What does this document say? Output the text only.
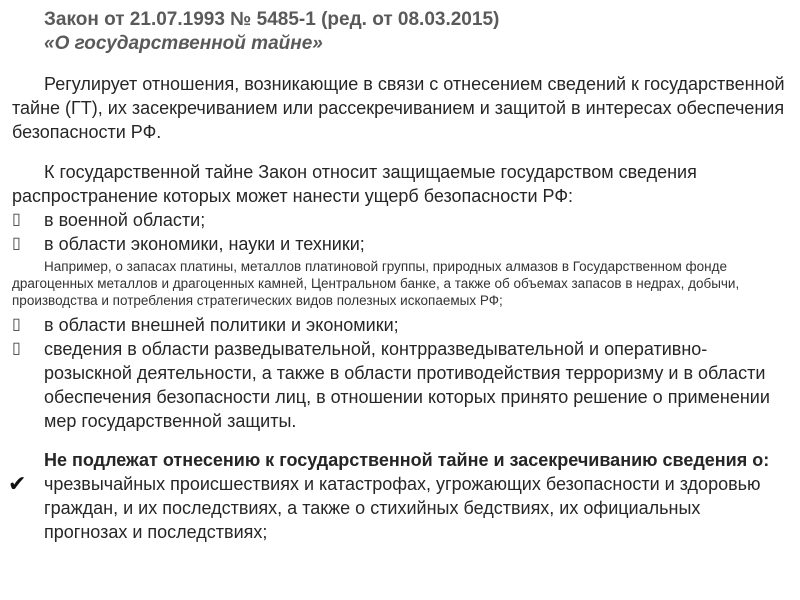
Закон от 21.07.1993 № 5485-1 (ред. от 08.03.2015)
«О государственной тайне»

Регулирует отношения, возникающие в связи с отнесением сведений к государственной тайне (ГТ), их засекречиванием или рассекречиванием и защитой в интересах обеспечения безопасности РФ.

К государственной тайне Закон относит защищаемые государством сведения распространение которых может нанести ущерб безопасности РФ:

▯	в военной области;
▯	в области экономики, науки и техники;
Например, о запасах платины, металлов платиновой группы, природных алмазов в Государственном фонде драгоценных металлов и драгоценных камней, Центральном банке, а также об объемах запасов в недрах, добычи, производства и потребления стратегических видов полезных ископаемых РФ;
▯	в области внешней политики и экономики;
▯	сведения в области разведывательной, контрразведывательной и оперативно-розыскной деятельности, а также в области противодействия терроризму и в области обеспечения безопасности лиц, в отношении которых принято решение о применении мер государственной защиты.
Не подлежат отнесению к государственной тайне и засекречиванию сведения о:
✔ чрезвычайных происшествиях и катастрофах, угрожающих безопасности и здоровью граждан, и их последствиях, а также о стихийных бедствиях, их официальных прогнозах и последствиях;
